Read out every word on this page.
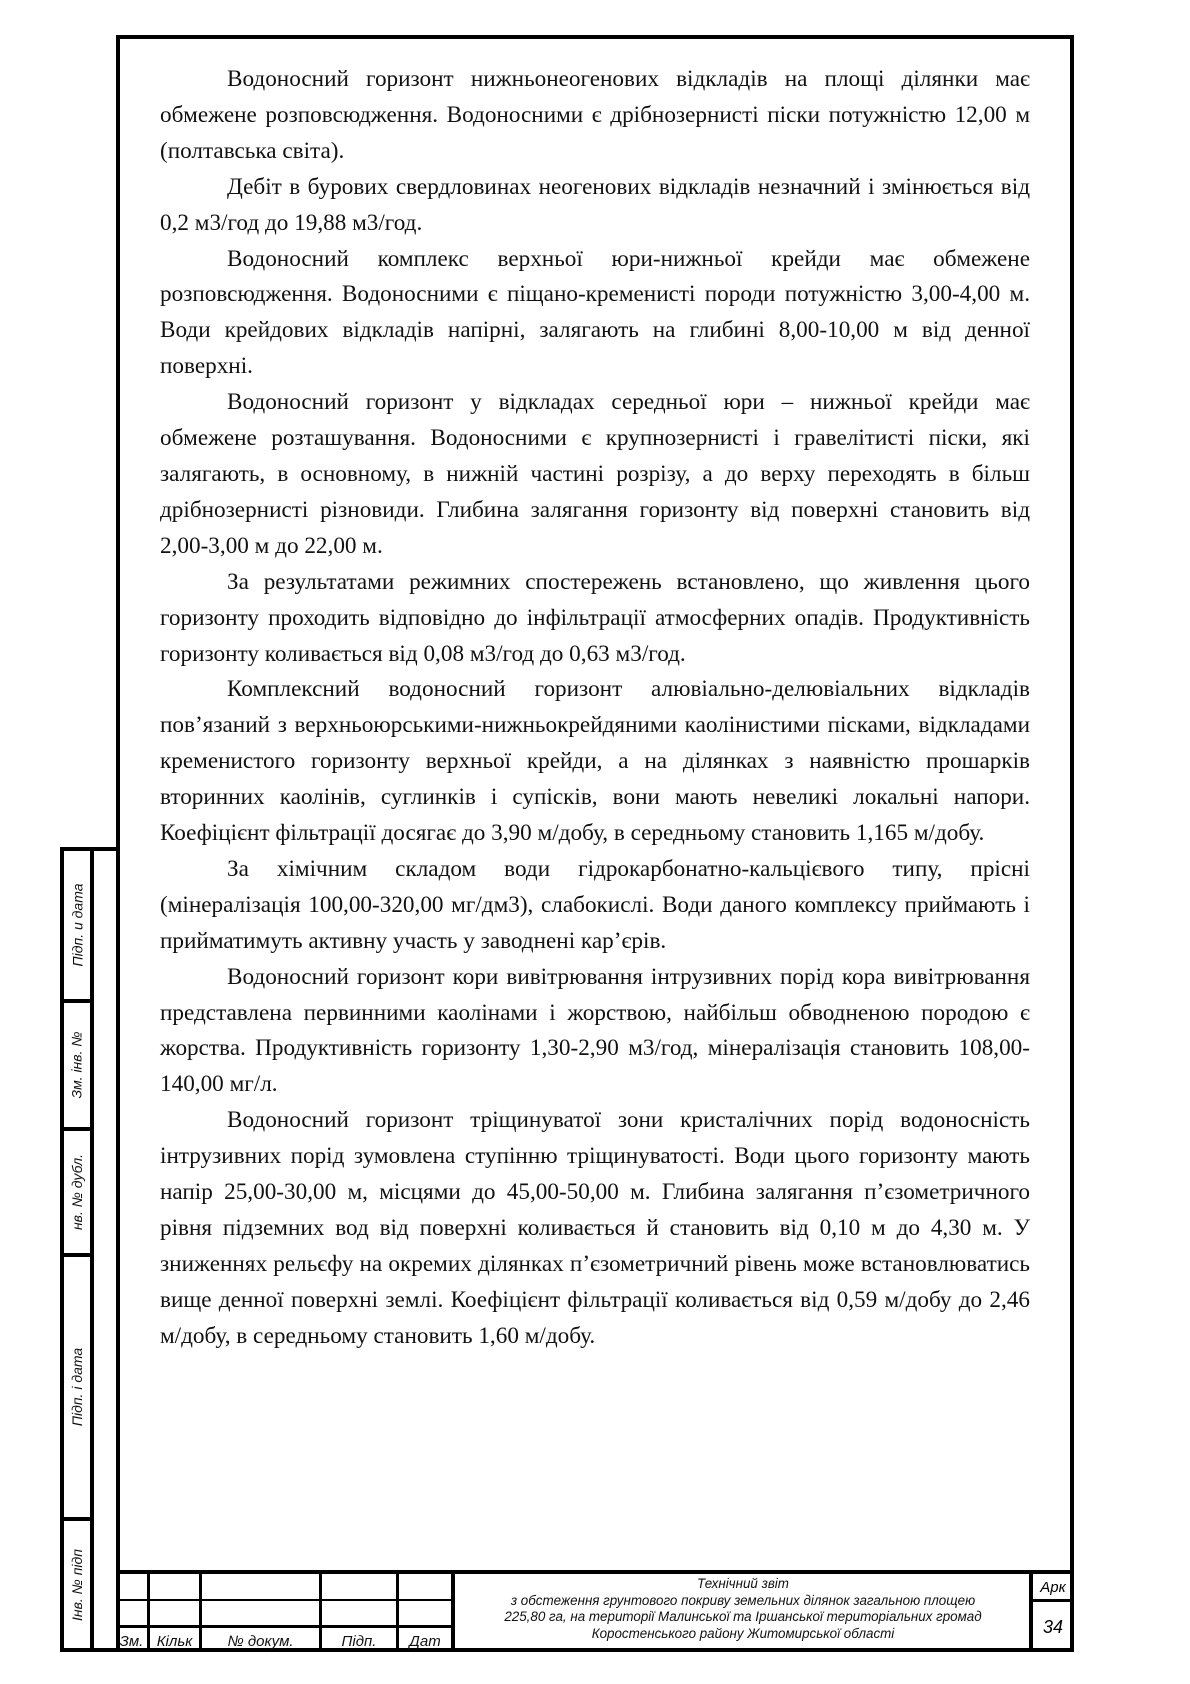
Водоносний горизонт нижньонеогенових відкладів на площі ділянки має обмежене розповсюдження. Водоносними є дрібнозернисті піски потужністю 12,00 м (полтавська світа).

Дебіт в бурових свердловинах неогенових відкладів незначний і змінюється від 0,2 м3/год до 19,88 м3/год.

Водоносний комплекс верхньої юри-нижньої крейди має обмежене розповсюдження. Водоносними є піщано-кременисті породи потужністю 3,00-4,00 м. Води крейдових відкладів напірні, залягають на глибині 8,00-10,00 м від денної поверхні.

Водоносний горизонт у відкладах середньої юри – нижньої крейди має обмежене розташування. Водоносними є крупнозернисті і гравелітисті піски, які залягають, в основному, в нижній частині розрізу, а до верху переходять в більш дрібнозернисті різновиди. Глибина залягання горизонту від поверхні становить від 2,00-3,00 м до 22,00 м.

За результатами режимних спостережень встановлено, що живлення цього горизонту проходить відповідно до інфільтрації атмосферних опадів. Продуктивність горизонту коливається від 0,08 м3/год до 0,63 м3/год.

Комплексний водоносний горизонт алювіально-делювіальних відкладів пов’язаний з верхньоюрськими-нижньокрейдяними каолінистими пісками, відкладами кременистого горизонту верхньої крейди, а на ділянках з наявністю прошарків вторинних каолінів, суглинків і супісків, вони мають невеликі локальні напори. Коефіцієнт фільтрації досягає до 3,90 м/добу, в середньому становить 1,165 м/добу.

За хімічним складом води гідрокарбонатно-кальцієвого типу, прісні (мінералізація 100,00-320,00 мг/дм3), слабокислі. Води даного комплексу приймають і прийматимуть активну участь у заводнені кар’єрів.

Водоносний горизонт кори вивітрювання інтрузивних порід кора вивітрювання представлена первинними каолінами і жорствою, найбільш обводненою породою є жорства. Продуктивність горизонту 1,30-2,90 м3/год, мінералізація становить 108,00-140,00 мг/л.

Водоносний горизонт тріщинуватої зони кристалічних порід водоносність інтрузивних порід зумовлена ступінню тріщинуватості. Води цього горизонту мають напір 25,00-30,00 м, місцями до 45,00-50,00 м. Глибина залягання п’єзометричного рівня підземних вод від поверхні коливається й становить від 0,10 м до 4,30 м. У зниженнях рельєфу на окремих ділянках п’єзометричний рівень може встановлюватись вище денної поверхні землі. Коефіцієнт фільтрації коливається від 0,59 м/добу до 2,46 м/добу, в середньому становить 1,60 м/добу.

Підп. и дата
Зм. інв. №
нв. № дубл.
Підп. і дата
Інв. № підп
Зм. Кільк	№ докум.	Підп.	Дат
Технічний звіт
з обстеження грунтового покриву земельних ділянок загальною площею
225,80 га, на території Малинської та Іршанської територіальних громад
Коростенського району Житомирської області
Арк
34
